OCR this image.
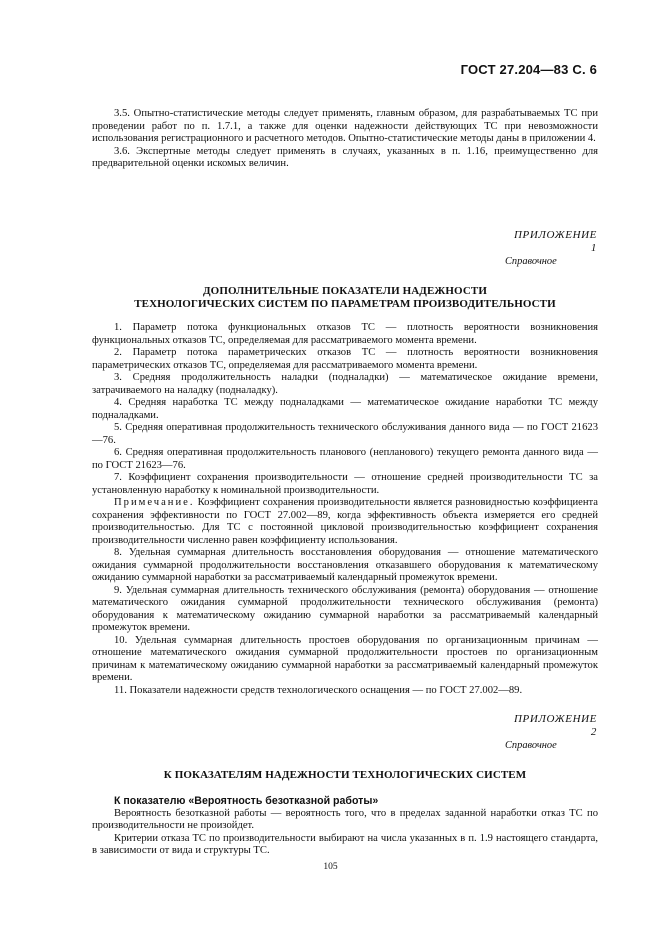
ГОСТ 27.204—83 С. 6

3.5. Опытно-статистические методы следует применять, главным образом, для разрабатываемых ТС при проведении работ по п. 1.7.1, а также для оценки надежности действующих ТС при невозможности использования регистрационного и расчетного методов. Опытно-статистические методы даны в приложении 4.

3.6. Экспертные методы следует применять в случаях, указанных в п. 1.16, преимущественно для предварительной оценки искомых величин.

ПРИЛОЖЕНИЕ 1
Справочное
ДОПОЛНИТЕЛЬНЫЕ ПОКАЗАТЕЛИ НАДЕЖНОСТИ
ТЕХНОЛОГИЧЕСКИХ СИСТЕМ ПО ПАРАМЕТРАМ ПРОИЗВОДИТЕЛЬНОСТИ

1. Параметр потока функциональных отказов ТС — плотность вероятности возникновения функциональных отказов ТС, определяемая для рассматриваемого момента времени.

2. Параметр потока параметрических отказов ТС — плотность вероятности возникновения параметрических отказов ТС, определяемая для рассматриваемого момента времени.

3. Средняя продолжительность наладки (подналадки) — математическое ожидание времени, затрачиваемого на наладку (подналадку).

4. Средняя наработка ТС между подналадками — математическое ожидание наработки ТС между подналадками.

5. Средняя оперативная продолжительность технического обслуживания данного вида — по ГОСТ 21623—76.

6. Средняя оперативная продолжительность планового (непланового) текущего ремонта данного вида — по ГОСТ 21623—76.

7. Коэффициент сохранения производительности — отношение средней производительности ТС за установленную наработку к номинальной производительности.

Примечание. Коэффициент сохранения производительности является разновидностью коэффициента сохранения эффективности по ГОСТ 27.002—89, когда эффективность объекта измеряется его средней производительностью. Для ТС с постоянной цикловой производительностью коэффициент сохранения производительности численно равен коэффициенту использования.

8. Удельная суммарная длительность восстановления оборудования — отношение математического ожидания суммарной продолжительности восстановления отказавшего оборудования к математическому ожиданию суммарной наработки за рассматриваемый календарный промежуток времени.

9. Удельная суммарная длительность технического обслуживания (ремонта) оборудования — отношение математического ожидания суммарной продолжительности технического обслуживания (ремонта) оборудования к математическому ожиданию суммарной наработки за рассматриваемый календарный промежуток времени.

10. Удельная суммарная длительность простоев оборудования по организационным причинам — отношение математического ожидания суммарной продолжительности простоев по организационным причинам к математическому ожиданию суммарной наработки за рассматриваемый календарный промежуток времени.

11. Показатели надежности средств технологического оснащения — по ГОСТ 27.002—89.

ПРИЛОЖЕНИЕ 2
Справочное
К ПОКАЗАТЕЛЯМ НАДЕЖНОСТИ ТЕХНОЛОГИЧЕСКИХ СИСТЕМ

К показателю «Вероятность безотказной работы»

Вероятность безотказной работы — вероятность того, что в пределах заданной наработки отказ ТС по производительности не произойдет.

Критерии отказа ТС по производительности выбирают на числа указанных в п. 1.9 настоящего стандарта, в зависимости от вида и структуры ТС.

105
